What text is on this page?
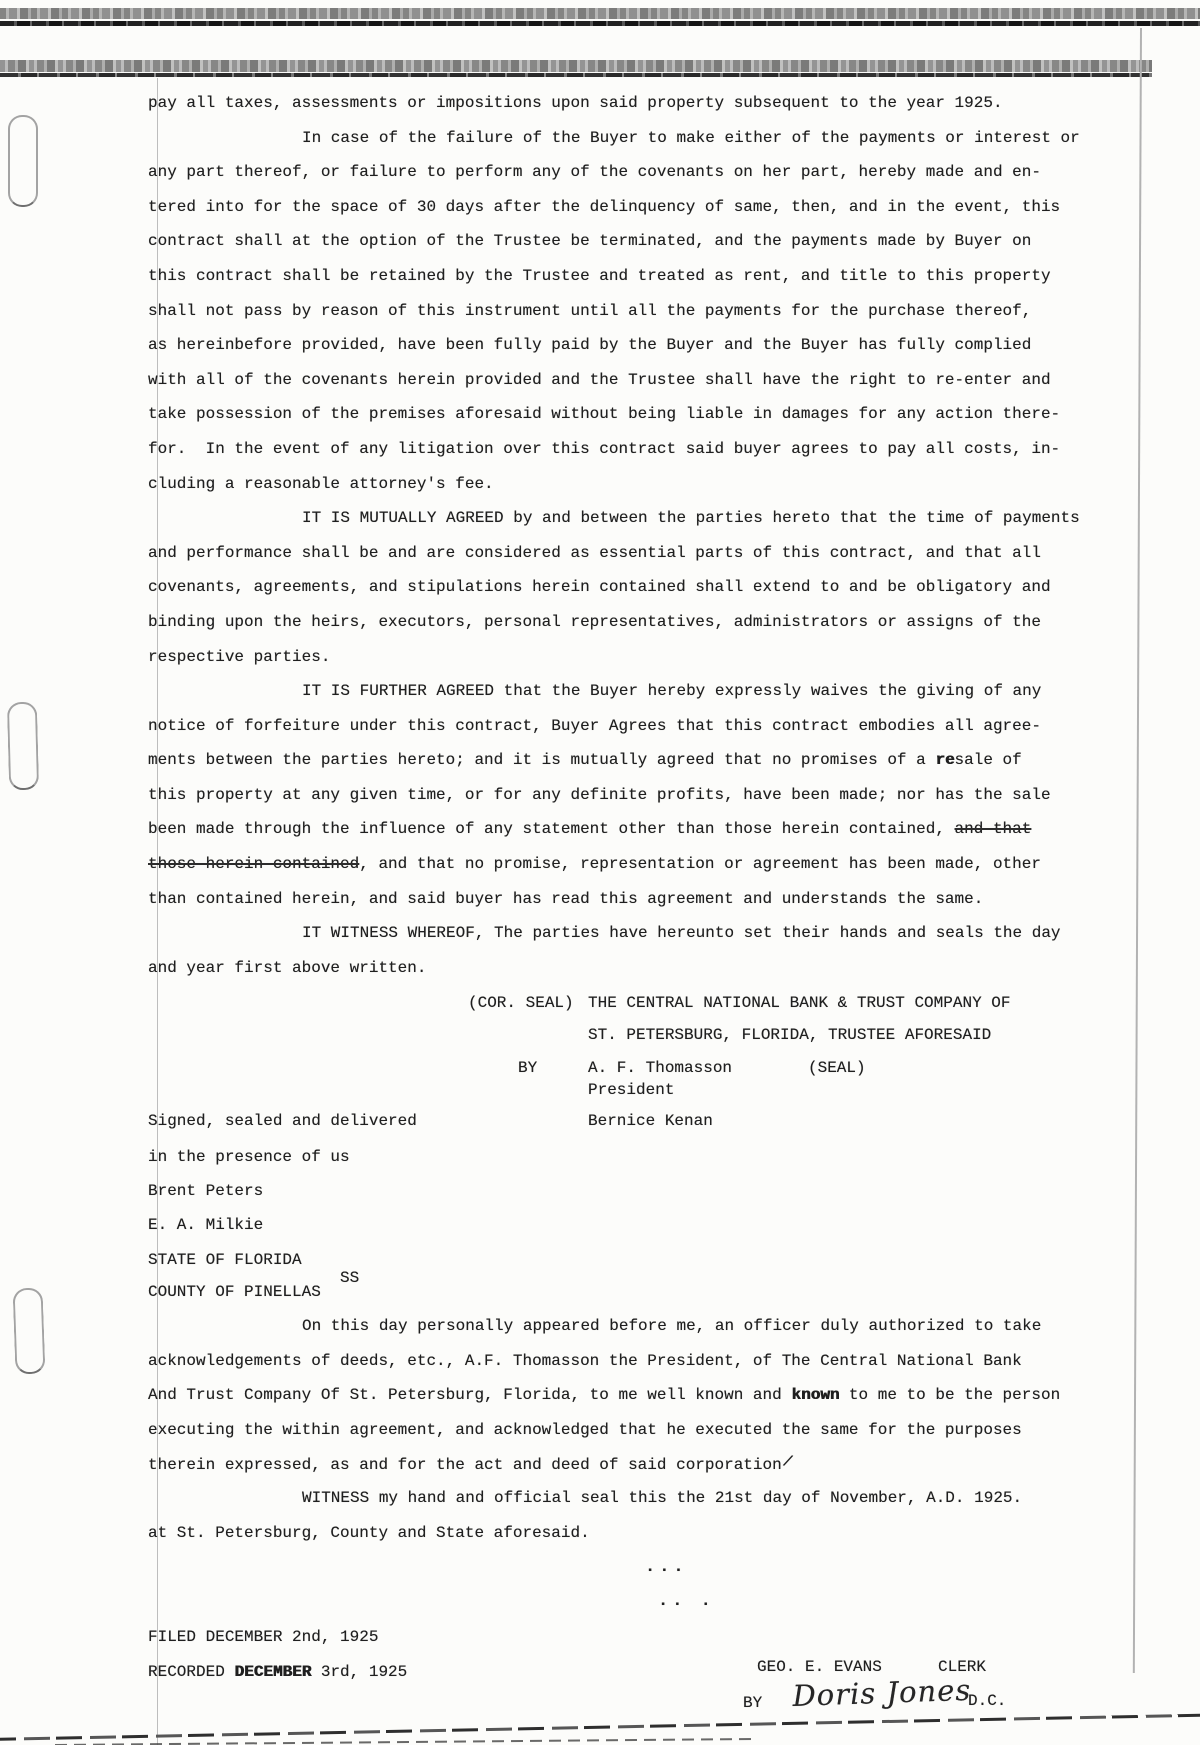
pay all taxes, assessments or impositions upon said property subsequent to the year 1925.
In case of the failure of the Buyer to make either of the payments or interest or
any part thereof, or failure to perform any of the covenants on her part, hereby made and en-
tered into for the space of 30 days after the delinquency of same, then, and in the event, this
contract shall at the option of the Trustee be terminated, and the payments made by Buyer on
this contract shall be retained by the Trustee and treated as rent, and title to this property
shall not pass by reason of this instrument until all the payments for the purchase thereof,
as hereinbefore provided, have been fully paid by the Buyer and the Buyer has fully complied
with all of the covenants herein provided and the Trustee shall have the right to re-enter and
take possession of the premises aforesaid without being liable in damages for any action there-
for.  In the event of any litigation over this contract said buyer agrees to pay all costs, in-
cluding a reasonable attorney's fee.
IT IS MUTUALLY AGREED by and between the parties hereto that the time of payments
and performance shall be and are considered as essential parts of this contract, and that all
covenants, agreements, and stipulations herein contained shall extend to and be obligatory and
binding upon the heirs, executors, personal representatives, administrators or assigns of the
respective parties.
IT IS FURTHER AGREED that the Buyer hereby expressly waives the giving of any
notice of forfeiture under this contract, Buyer Agrees that this contract embodies all agree-
ments between the parties hereto; and it is mutually agreed that no promises of a resale of
this property at any given time, or for any definite profits, have been made; nor has the sale
been made through the influence of any statement other than those herein contained, and that
those herein contained, and that no promise, representation or agreement has been made, other
than contained herein, and said buyer has read this agreement and understands the same.
IT WITNESS WHEREOF, The parties have hereunto set their hands and seals the day
and year first above written.
(COR. SEAL) THE CENTRAL NATIONAL BANK & TRUST COMPANY OF
ST. PETERSBURG, FLORIDA, TRUSTEE AFORESAID
BY	A. F. Thomasson	(SEAL)
President
Signed, sealed and delivered	Bernice Kenan
in the presence of us
Brent Peters
E. A. Milkie
STATE OF FLORIDA
SS
COUNTY OF PINELLAS
On this day personally appeared before me, an officer duly authorized to take
acknowledgements of deeds, etc., A.F. Thomasson the President, of The Central National Bank
And Trust Company Of St. Petersburg, Florida, to me well known and known to me to be the person
executing the within agreement, and acknowledged that he executed the same for the purposes
therein expressed, as and for the act and deed of said corporation/
WITNESS my hand and official seal this the 21st day of November, A.D. 1925.
at St. Petersburg, County and State aforesaid.
...
.. .
FILED DECEMBER 2nd, 1925
RECORDED DECEMBER 3rd, 1925	GEO. E. EVANS	CLERK
BY Doris Jones
D.C.
